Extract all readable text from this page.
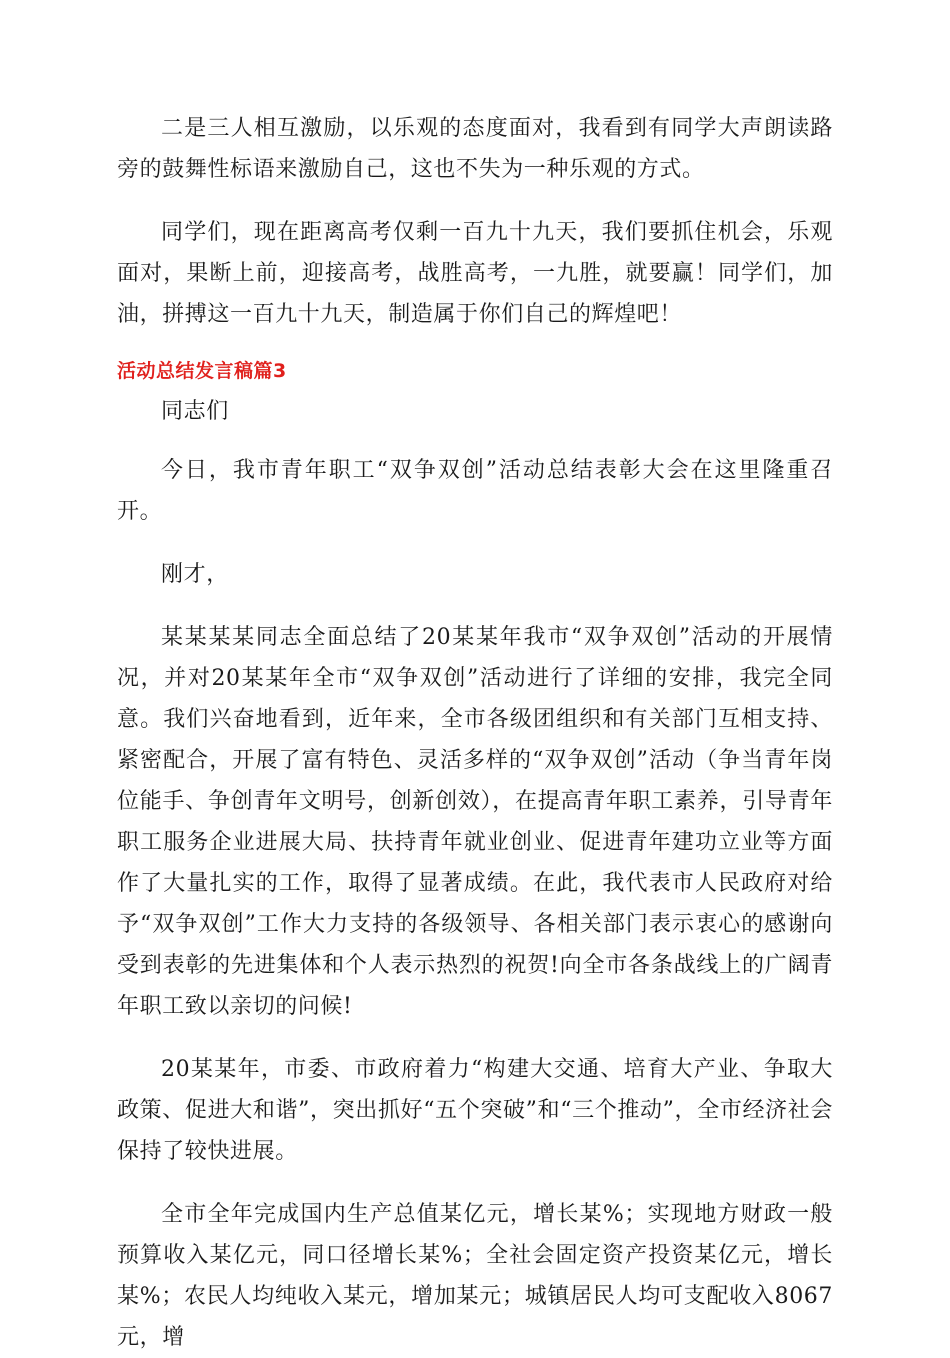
二是三人相互激励，以乐观的态度面对，我看到有同学大声朗读路旁的鼓舞性标语来激励自己，这也不失为一种乐观的方式。

同学们，现在距离高考仅剩一百九十九天，我们要抓住机会，乐观面对，果断上前，迎接高考，战胜高考，一九胜，就要赢！同学们，加油，拼搏这一百九十九天，制造属于你们自己的辉煌吧！

活动总结发言稿篇3

同志们

今日，我市青年职工“双争双创”活动总结表彰大会在这里隆重召开。

刚才，

某某某某同志全面总结了20某某年我市“双争双创”活动的开展情况，并对20某某年全市“双争双创”活动进行了详细的安排，我完全同意。我们兴奋地看到，近年来，全市各级团组织和有关部门互相支持、紧密配合，开展了富有特色、灵活多样的“双争双创”活动（争当青年岗位能手、争创青年文明号，创新创效），在提高青年职工素养，引导青年职工服务企业进展大局、扶持青年就业创业、促进青年建功立业等方面作了大量扎实的工作，取得了显著成绩。在此，我代表市人民政府对给予“双争双创”工作大力支持的各级领导、各相关部门表示衷心的感谢向受到表彰的先进集体和个人表示热烈的祝贺!向全市各条战线上的广阔青年职工致以亲切的问候!

20某某年，市委、市政府着力“构建大交通、培育大产业、争取大政策、促进大和谐”，突出抓好“五个突破”和“三个推动”，全市经济社会保持了较快进展。

全市全年完成国内生产总值某亿元，增长某%；实现地方财政一般预算收入某亿元，同口径增长某%；全社会固定资产投资某亿元，增长某%；农民人均纯收入某元，增加某元；城镇居民人均可支配收入8067元，增
